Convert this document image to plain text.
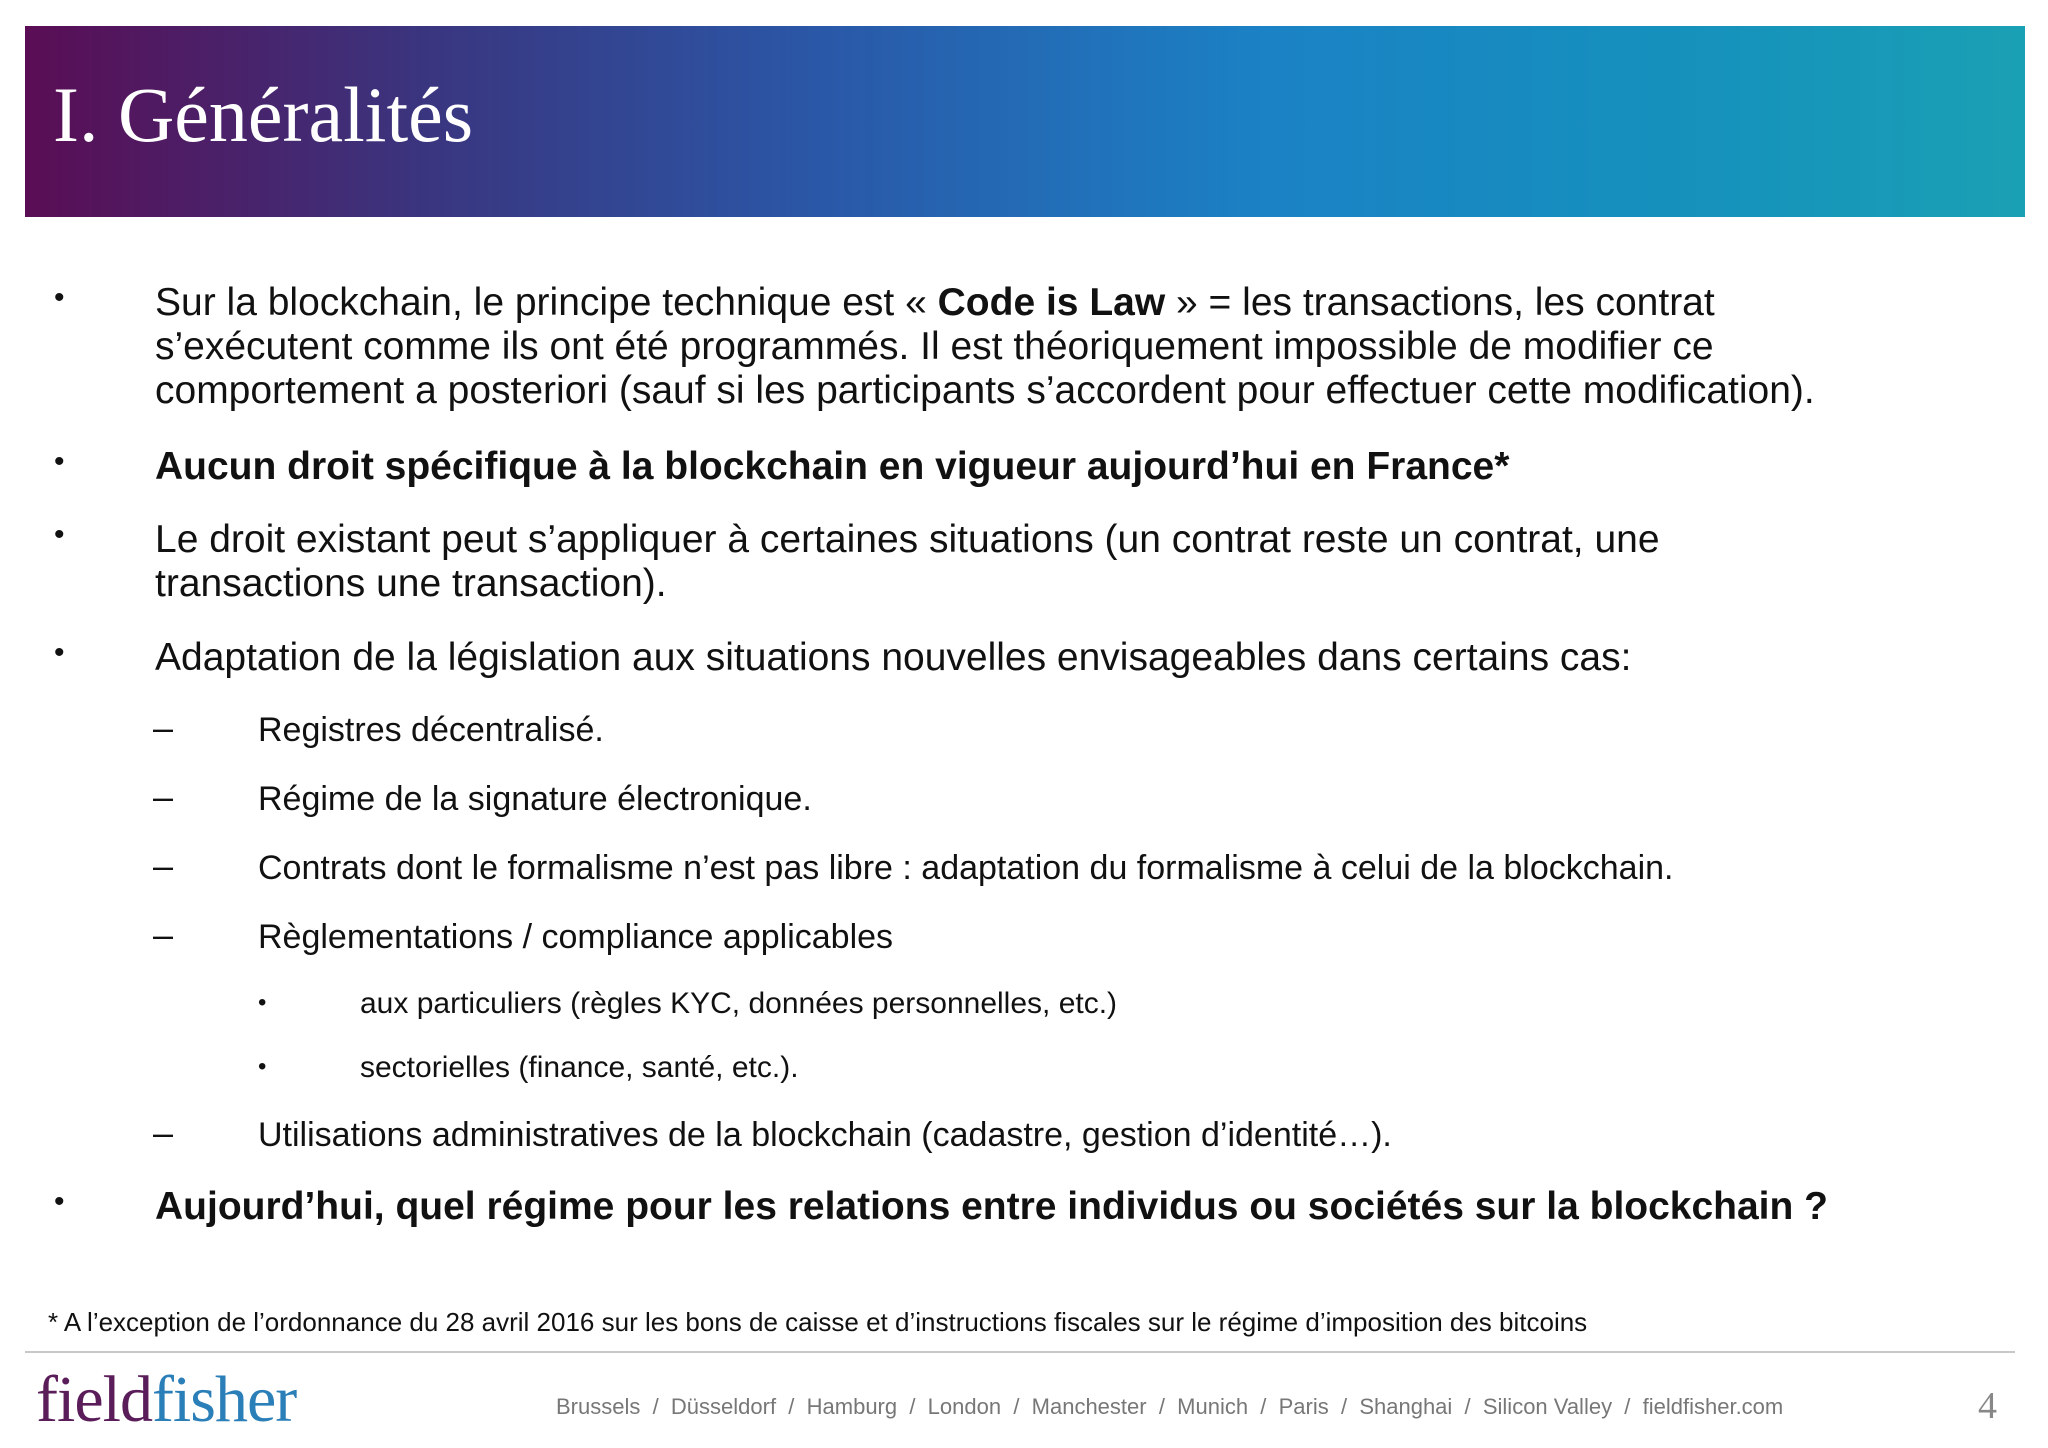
I. Généralités
• Sur la blockchain, le principe technique est « Code is Law » = les transactions, les contrat
s’exécutent comme ils ont été programmés. Il est théoriquement impossible de modifier ce
comportement a posteriori (sauf si les participants s’accordent pour effectuer cette modification).
• Aucun droit spécifique à la blockchain en vigueur aujourd’hui en France*
• Le droit existant peut s’appliquer à certaines situations (un contrat reste un contrat, une
transactions une transaction).
• Adaptation de la législation aux situations nouvelles envisageables dans certains cas:
– Registres décentralisé.
– Régime de la signature électronique.
– Contrats dont le formalisme n’est pas libre : adaptation du formalisme à celui de la blockchain.
– Règlementations / compliance applicables
•	aux particuliers (règles KYC, données personnelles, etc.)
•	sectorielles (finance, santé, etc.).
– Utilisations administratives de la blockchain (cadastre, gestion d’identité…).
• Aujourd’hui, quel régime pour les relations entre individus ou sociétés sur la blockchain ?
* A l’exception de l’ordonnance du 28 avril 2016 sur les bons de caisse et d’instructions fiscales sur le régime d’imposition des bitcoins
fieldfisher	Brussels  /  Düsseldorf  /  Hamburg  /  London  /  Manchester  /  Munich  /  Paris  /  Shanghai  /  Silicon Valley  /  fieldfisher.com	4
